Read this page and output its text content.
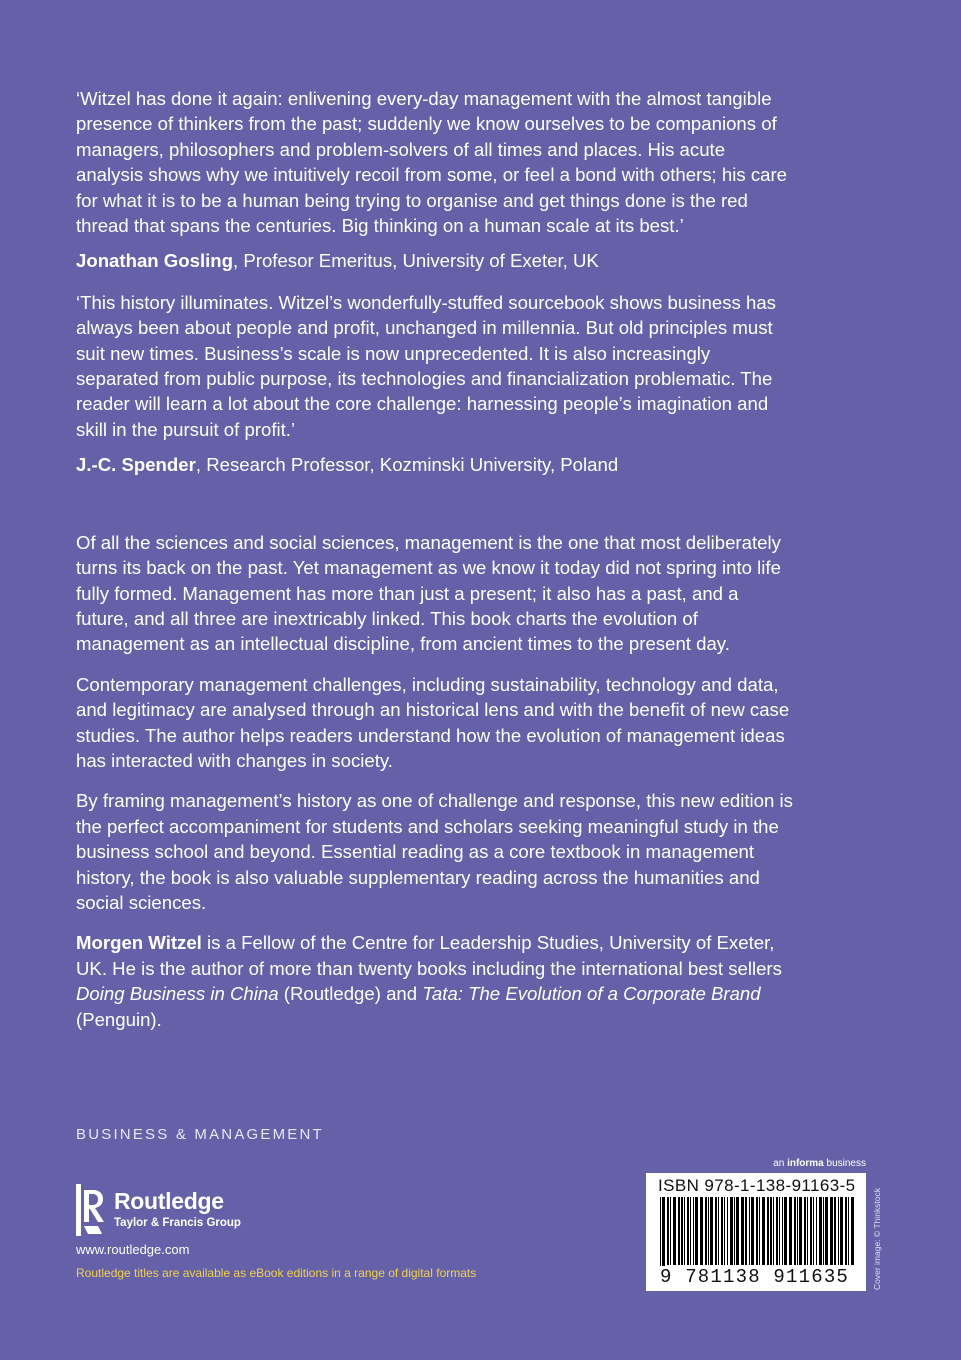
‘Witzel has done it again: enlivening every-day management with the almost tangible presence of thinkers from the past; suddenly we know ourselves to be companions of managers, philosophers and problem-solvers of all times and places. His acute analysis shows why we intuitively recoil from some, or feel a bond with others; his care for what it is to be a human being trying to organise and get things done is the red thread that spans the centuries. Big thinking on a human scale at its best.’

Jonathan Gosling, Profesor Emeritus, University of Exeter, UK

‘This history illuminates. Witzel’s wonderfully-stuffed sourcebook shows business has always been about people and profit, unchanged in millennia. But old principles must suit new times. Business’s scale is now unprecedented. It is also increasingly separated from public purpose, its technologies and financialization problematic. The reader will learn a lot about the core challenge: harnessing people’s imagination and skill in the pursuit of profit.’

J.-C. Spender, Research Professor, Kozminski University, Poland

Of all the sciences and social sciences, management is the one that most deliberately turns its back on the past. Yet management as we know it today did not spring into life fully formed. Management has more than just a present; it also has a past, and a future, and all three are inextricably linked. This book charts the evolution of management as an intellectual discipline, from ancient times to the present day.

Contemporary management challenges, including sustainability, technology and data, and legitimacy are analysed through an historical lens and with the benefit of new case studies. The author helps readers understand how the evolution of management ideas has interacted with changes in society.

By framing management’s history as one of challenge and response, this new edition is the perfect accompaniment for students and scholars seeking meaningful study in the business school and beyond. Essential reading as a core textbook in management history, the book is also valuable supplementary reading across the humanities and social sciences.

Morgen Witzel is a Fellow of the Centre for Leadership Studies, University of Exeter, UK. He is the author of more than twenty books including the international best sellers Doing Business in China (Routledge) and Tata: The Evolution of a Corporate Brand (Penguin).

BUSINESS & MANAGEMENT
Routledge
Taylor & Francis Group
www.routledge.com
Routledge titles are available as eBook editions in a range of digital formats
an informa business
ISBN 978-1-138-91163-5
9 781138 911635	Cover image: © Thinkstock
